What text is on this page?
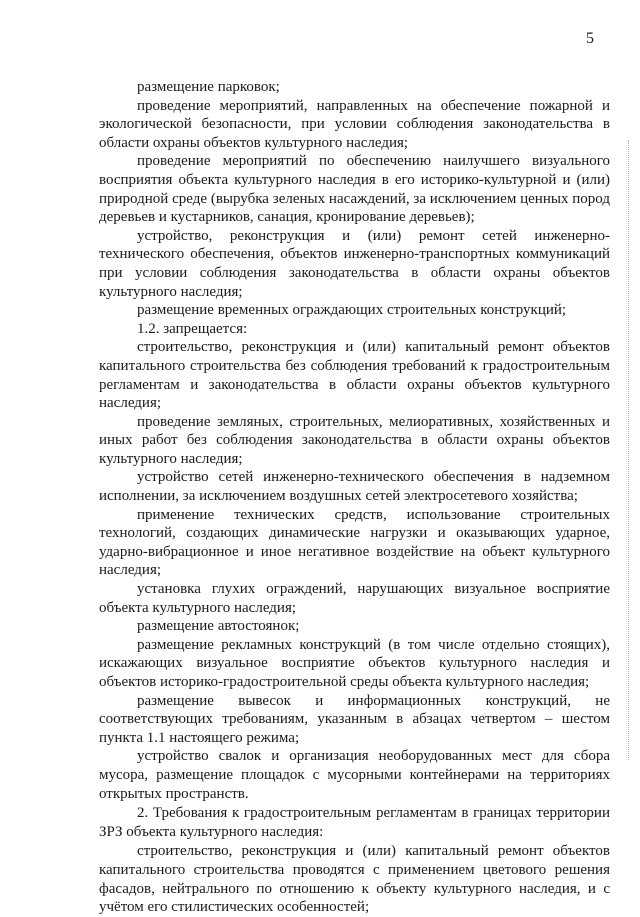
5

размещение парковок;

проведение мероприятий, направленных на обеспечение пожарной и экологической безопасности, при условии соблюдения законодательства в области охраны объектов культурного наследия;

проведение мероприятий по обеспечению наилучшего визуального восприятия объекта культурного наследия в его историко-культурной и (или) природной среде (вырубка зеленых насаждений, за исключением ценных пород деревьев и кустарников, санация, кронирование деревьев);

устройство, реконструкция и (или) ремонт сетей инженерно-технического обеспечения, объектов инженерно-транспортных коммуникаций при условии соблюдения законодательства в области охраны объектов культурного наследия;

размещение временных ограждающих строительных конструкций;

1.2. запрещается:

строительство, реконструкция и (или) капитальный ремонт объектов капитального строительства без соблюдения требований к градостроительным регламентам и законодательства в области охраны объектов культурного наследия;

проведение земляных, строительных, мелиоративных, хозяйственных и иных работ без соблюдения законодательства в области охраны объектов культурного наследия;

устройство сетей инженерно-технического обеспечения в надземном исполнении, за исключением воздушных сетей электросетевого хозяйства;

применение технических средств, использование строительных технологий, создающих динамические нагрузки и оказывающих ударное, ударно-вибрационное и иное негативное воздействие на объект культурного наследия;

установка глухих ограждений, нарушающих визуальное восприятие объекта культурного наследия;

размещение автостоянок;

размещение рекламных конструкций (в том числе отдельно стоящих), искажающих визуальное восприятие объектов культурного наследия и объектов историко-градостроительной среды объекта культурного наследия;

размещение вывесок и информационных конструкций, не соответствующих требованиям, указанным в абзацах четвертом – шестом пункта 1.1 настоящего режима;

устройство свалок и организация необорудованных мест для сбора мусора, размещение площадок с мусорными контейнерами на территориях открытых пространств.

2. Требования к градостроительным регламентам в границах территории ЗРЗ объекта культурного наследия:

строительство, реконструкция и (или) капитальный ремонт объектов капитального строительства проводятся с применением цветового решения фасадов, нейтрального по отношению к объекту культурного наследия, и с учётом его стилистических особенностей;
